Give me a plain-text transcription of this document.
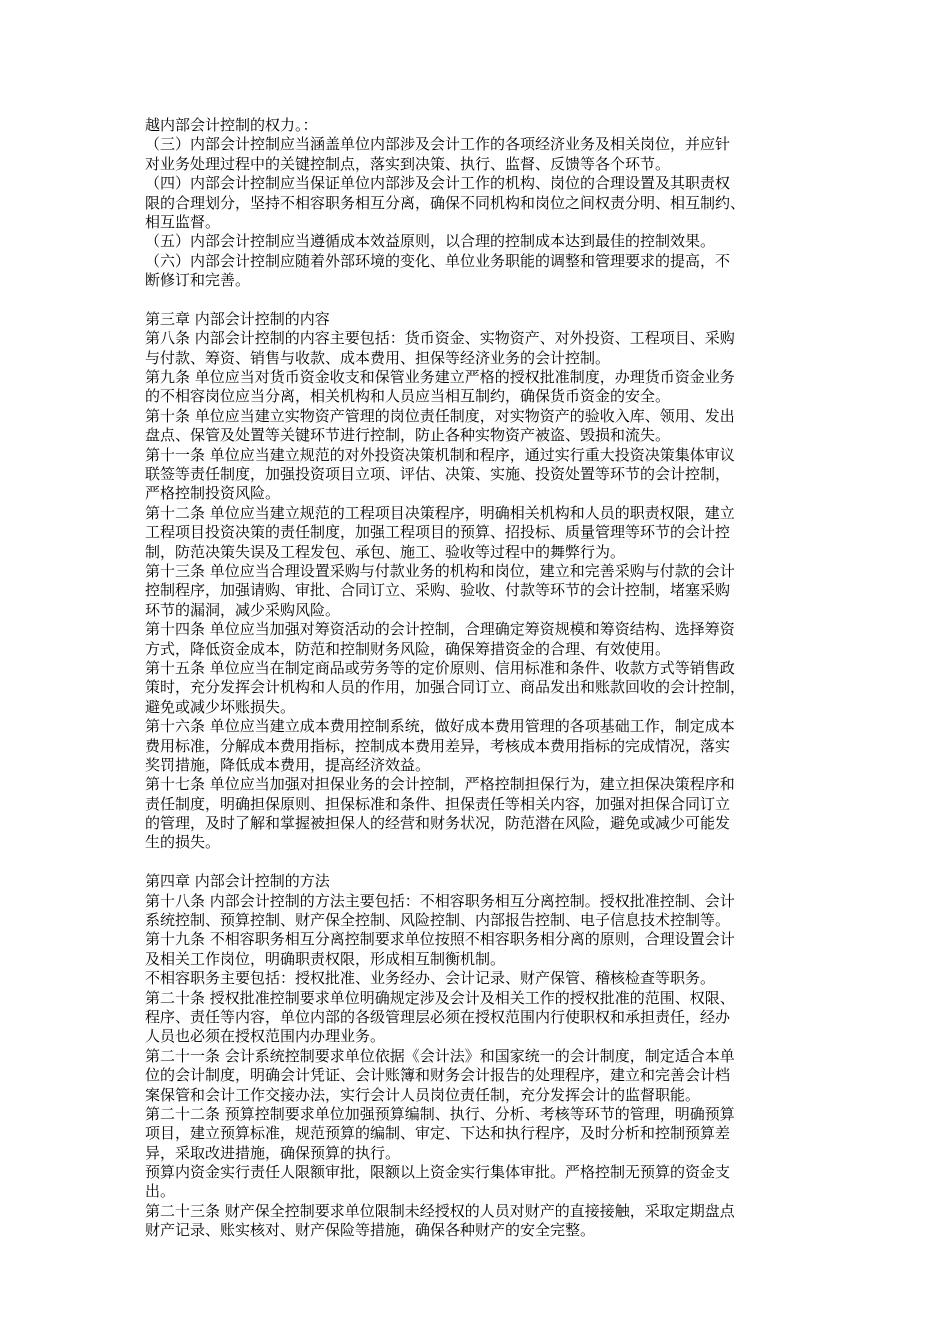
越内部会计控制的权力。：
（三）内部会计控制应当涵盖单位内部涉及会计工作的各项经济业务及相关岗位，并应针
对业务处理过程中的关键控制点，落实到决策、执行、监督、反馈等各个环节。
（四）内部会计控制应当保证单位内部涉及会计工作的机构、岗位的合理设置及其职责权
限的合理划分，坚持不相容职务相互分离，确保不同机构和岗位之间权责分明、相互制约、
相互监督。
（五）内部会计控制应当遵循成本效益原则，以合理的控制成本达到最佳的控制效果。
（六）内部会计控制应随着外部环境的变化、单位业务职能的调整和管理要求的提高，不
断修订和完善。
第三章 内部会计控制的内容
第八条 内部会计控制的内容主要包括：货币资金、实物资产、对外投资、工程项目、采购
与付款、筹资、销售与收款、成本费用、担保等经济业务的会计控制。
第九条 单位应当对货币资金收支和保管业务建立严格的授权批准制度，办理货币资金业务
的不相容岗位应当分离，相关机构和人员应当相互制约，确保货币资金的安全。
第十条 单位应当建立实物资产管理的岗位责任制度，对实物资产的验收入库、领用、发出
盘点、保管及处置等关键环节进行控制，防止各种实物资产被盗、毁损和流失。
第十一条 单位应当建立规范的对外投资决策机制和程序，通过实行重大投资决策集体审议
联签等责任制度，加强投资项目立项、评估、决策、实施、投资处置等环节的会计控制，
严格控制投资风险。
第十二条 单位应当建立规范的工程项目决策程序，明确相关机构和人员的职责权限，建立
工程项目投资决策的责任制度，加强工程项目的预算、招投标、质量管理等环节的会计控
制，防范决策失误及工程发包、承包、施工、验收等过程中的舞弊行为。
第十三条 单位应当合理设置采购与付款业务的机构和岗位，建立和完善采购与付款的会计
控制程序，加强请购、审批、合同订立、采购、验收、付款等环节的会计控制，堵塞采购
环节的漏洞，减少采购风险。
第十四条 单位应当加强对筹资活动的会计控制，合理确定筹资规模和筹资结构、选择筹资
方式，降低资金成本，防范和控制财务风险，确保筹措资金的合理、有效使用。
第十五条 单位应当在制定商品或劳务等的定价原则、信用标准和条件、收款方式等销售政
策时，充分发挥会计机构和人员的作用，加强合同订立、商品发出和账款回收的会计控制，
避免或减少坏账损失。
第十六条 单位应当建立成本费用控制系统，做好成本费用管理的各项基础工作，制定成本
费用标准，分解成本费用指标，控制成本费用差异，考核成本费用指标的完成情况，落实
奖罚措施，降低成本费用，提高经济效益。
第十七条 单位应当加强对担保业务的会计控制，严格控制担保行为，建立担保决策程序和
责任制度，明确担保原则、担保标准和条件、担保责任等相关内容，加强对担保合同订立
的管理，及时了解和掌握被担保人的经营和财务状况，防范潜在风险，避免或减少可能发
生的损失。
第四章 内部会计控制的方法
第十八条 内部会计控制的方法主要包括：不相容职务相互分离控制。授权批准控制、会计
系统控制、预算控制、财产保全控制、风险控制、内部报告控制、电子信息技术控制等。
第十九条 不相容职务相互分离控制要求单位按照不相容职务相分离的原则，合理设置会计
及相关工作岗位，明确职责权限，形成相互制衡机制。
不相容职务主要包括：授权批准、业务经办、会计记录、财产保管、稽核检查等职务。
第二十条 授权批准控制要求单位明确规定涉及会计及相关工作的授权批准的范围、权限、
程序、责任等内容，单位内部的各级管理层必须在授权范围内行使职权和承担责任，经办
人员也必须在授权范围内办理业务。
第二十一条 会计系统控制要求单位依据《会计法》和国家统一的会计制度，制定适合本单
位的会计制度，明确会计凭证、会计账簿和财务会计报告的处理程序，建立和完善会计档
案保管和会计工作交接办法，实行会计人员岗位责任制，充分发挥会计的监督职能。
第二十二条 预算控制要求单位加强预算编制、执行、分析、考核等环节的管理，明确预算
项目，建立预算标准，规范预算的编制、审定、下达和执行程序，及时分析和控制预算差
异，采取改进措施，确保预算的执行。
预算内资金实行责任人限额审批，限额以上资金实行集体审批。严格控制无预算的资金支
出。
第二十三条 财产保全控制要求单位限制未经授权的人员对财产的直接接触，采取定期盘点
财产记录、账实核对、财产保险等措施，确保各种财产的安全完整。
